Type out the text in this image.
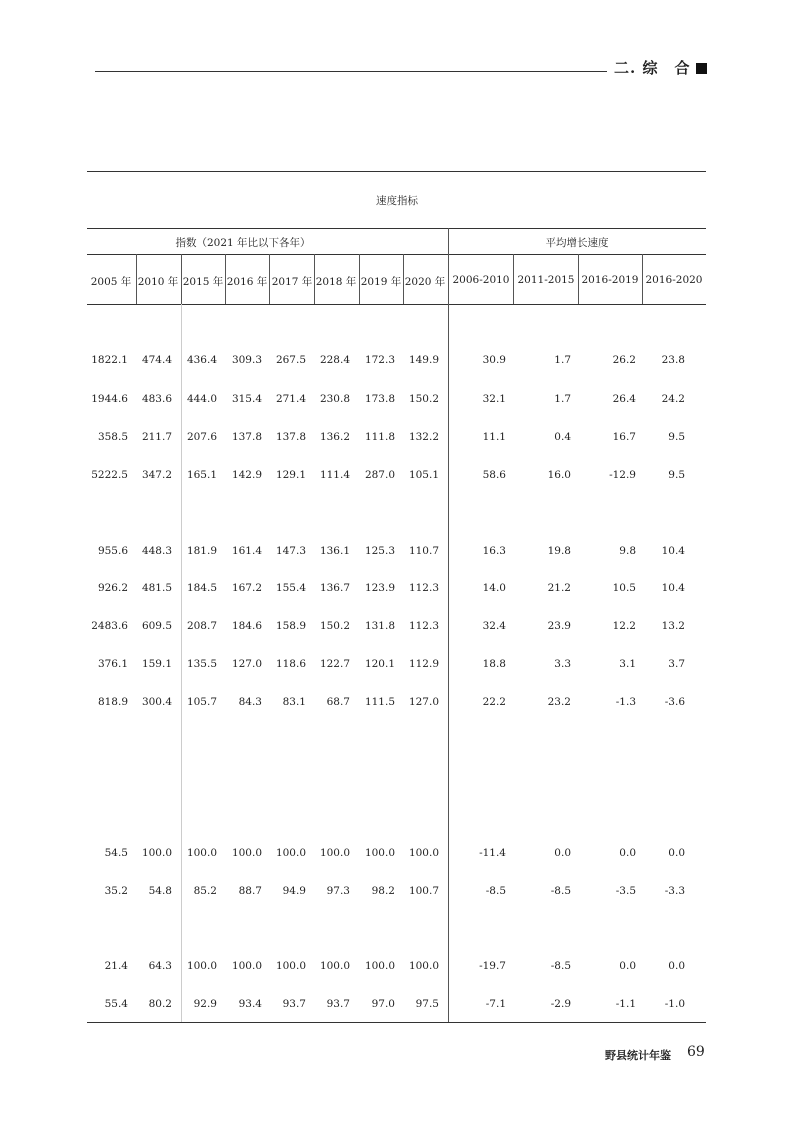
二. 综　合
速度指标
指数（2021 年比以下各年）	平均增长速度
2005 年 2010 年 2015 年 2016 年 2017 年 2018 年 2019 年 2020 年 2006-2010 2011-2015 2016-2019 2016-2020
1822.1 474.4 436.4 309.3 267.5 228.4 172.3 149.9	30.9	1.7	26.2 23.8
1944.6 483.6 444.0 315.4 271.4 230.8 173.8 150.2	32.1	1.7	26.4 24.2
358.5 211.7 207.6 137.8 137.8 136.2 111.8 132.2	11.1	0.4	16.7	9.5
5222.5 347.2 165.1 142.9 129.1 111.4 287.0 105.1	58.6	16.0	-12.9	9.5
955.6 448.3 181.9 161.4 147.3 136.1 125.3 110.7	16.3	19.8	9.8 10.4
926.2 481.5 184.5 167.2 155.4 136.7 123.9 112.3	14.0	21.2	10.5 10.4
2483.6 609.5 208.7 184.6 158.9 150.2 131.8 112.3	32.4	23.9	12.2 13.2
376.1 159.1 135.5 127.0 118.6 122.7 120.1 112.9	18.8	3.3	3.1	3.7
818.9 300.4 105.7 84.3 83.1 68.7 111.5 127.0	22.2	23.2	-1.3	-3.6
54.5 100.0 100.0 100.0 100.0 100.0 100.0 100.0	-11.4	0.0	0.0	0.0
35.2 54.8 85.2 88.7 94.9 97.3 98.2 100.7	-8.5	-8.5	-3.5	-3.3
21.4 64.3 100.0 100.0 100.0 100.0 100.0 100.0	-19.7	-8.5	0.0	0.0
55.4 80.2 92.9 93.4 93.7 93.7 97.0 97.5	-7.1	-2.9	-1.1	-1.0
野县统计年鉴 69
